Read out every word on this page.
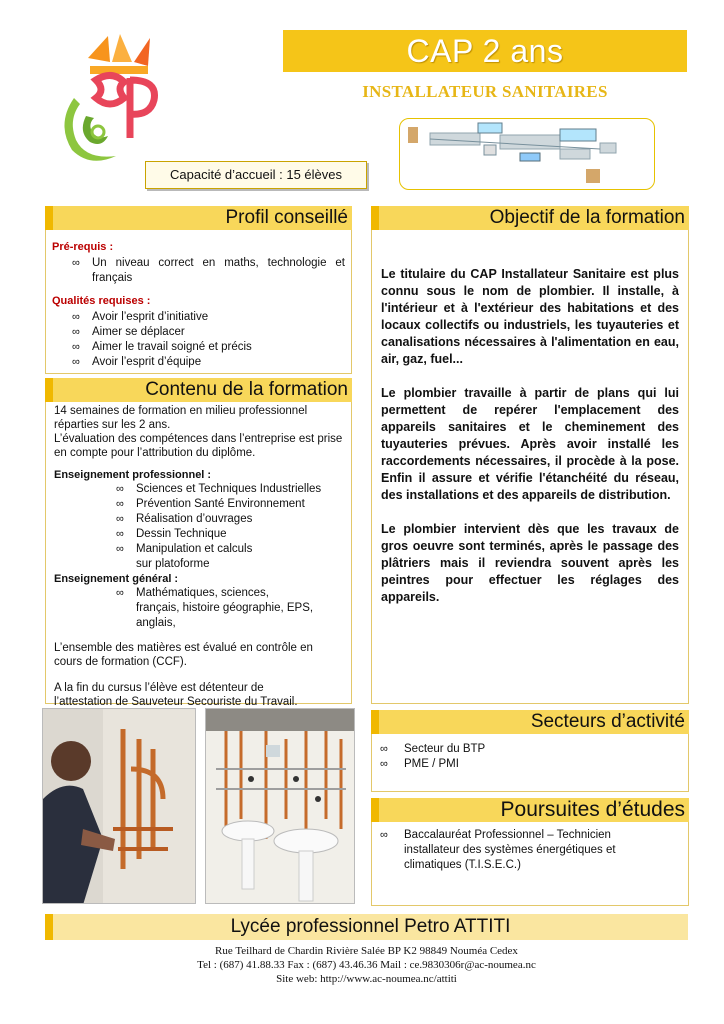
CAP 2 ans
INSTALLATEUR SANITAIRES
Capacité d’accueil : 15 élèves
Profil conseillé
Pré-requis :
∞ Un niveau correct en maths, technologie et français
Qualités requises :
∞ Avoir l’esprit d’initiative
∞ Aimer se déplacer
∞ Aimer le travail soigné et précis
∞ Avoir l’esprit d’équipe
Contenu de la formation
14 semaines de formation en milieu professionnel réparties sur les 2 ans.
L’évaluation des compétences dans l’entreprise est prise en compte pour l’attribution du diplôme.
Enseignement professionnel :
∞ Sciences et Techniques Industrielles
∞ Prévention Santé Environnement
∞ Réalisation d’ouvrages
∞ Dessin Technique
∞ Manipulation et calculs sur platoforme
Enseignement général :
∞ Mathématiques, sciences, français, histoire géographie, EPS, anglais,
L’ensemble des matières est évalué en contrôle en cours de formation (CCF).
A la fin du cursus l’élève est détenteur de l’attestation de Sauveteur Secouriste du Travail.
Objectif de la formation

Le titulaire du CAP Installateur Sanitaire est plus connu sous le nom de plombier. Il installe, à l'intérieur et à l'extérieur des habitations et des locaux collectifs ou industriels, les tuyauteries et canalisations nécessaires à l'alimentation en eau, air, gaz, fuel...

Le plombier travaille à partir de plans qui lui permettent de repérer l'emplacement des appareils sanitaires et le cheminement des tuyauteries prévues. Après avoir installé les raccordements nécessaires, il procède à la pose. Enfin il assure et vérifie l'étanchéité du réseau, des installations et des appareils de distribution.

Le plombier intervient dès que les travaux de gros oeuvre sont terminés, après le passage des plâtriers mais il reviendra souvent après les peintres pour effectuer les réglages des appareils.

Secteurs d’activité
∞ Secteur du BTP
∞ PME / PMI
Poursuites d’études
∞ Baccalauréat Professionnel – Technicien installateur des systèmes énergétiques et climatiques (T.I.S.E.C.)
Lycée professionnel Petro ATTITI
Rue Teilhard de Chardin Rivière Salée BP K2 98849 Nouméa Cedex
Tel : (687) 41.88.33 Fax : (687) 43.46.36 Mail : ce.9830306r@ac-noumea.nc
Site web: http://www.ac-noumea.nc/attiti
